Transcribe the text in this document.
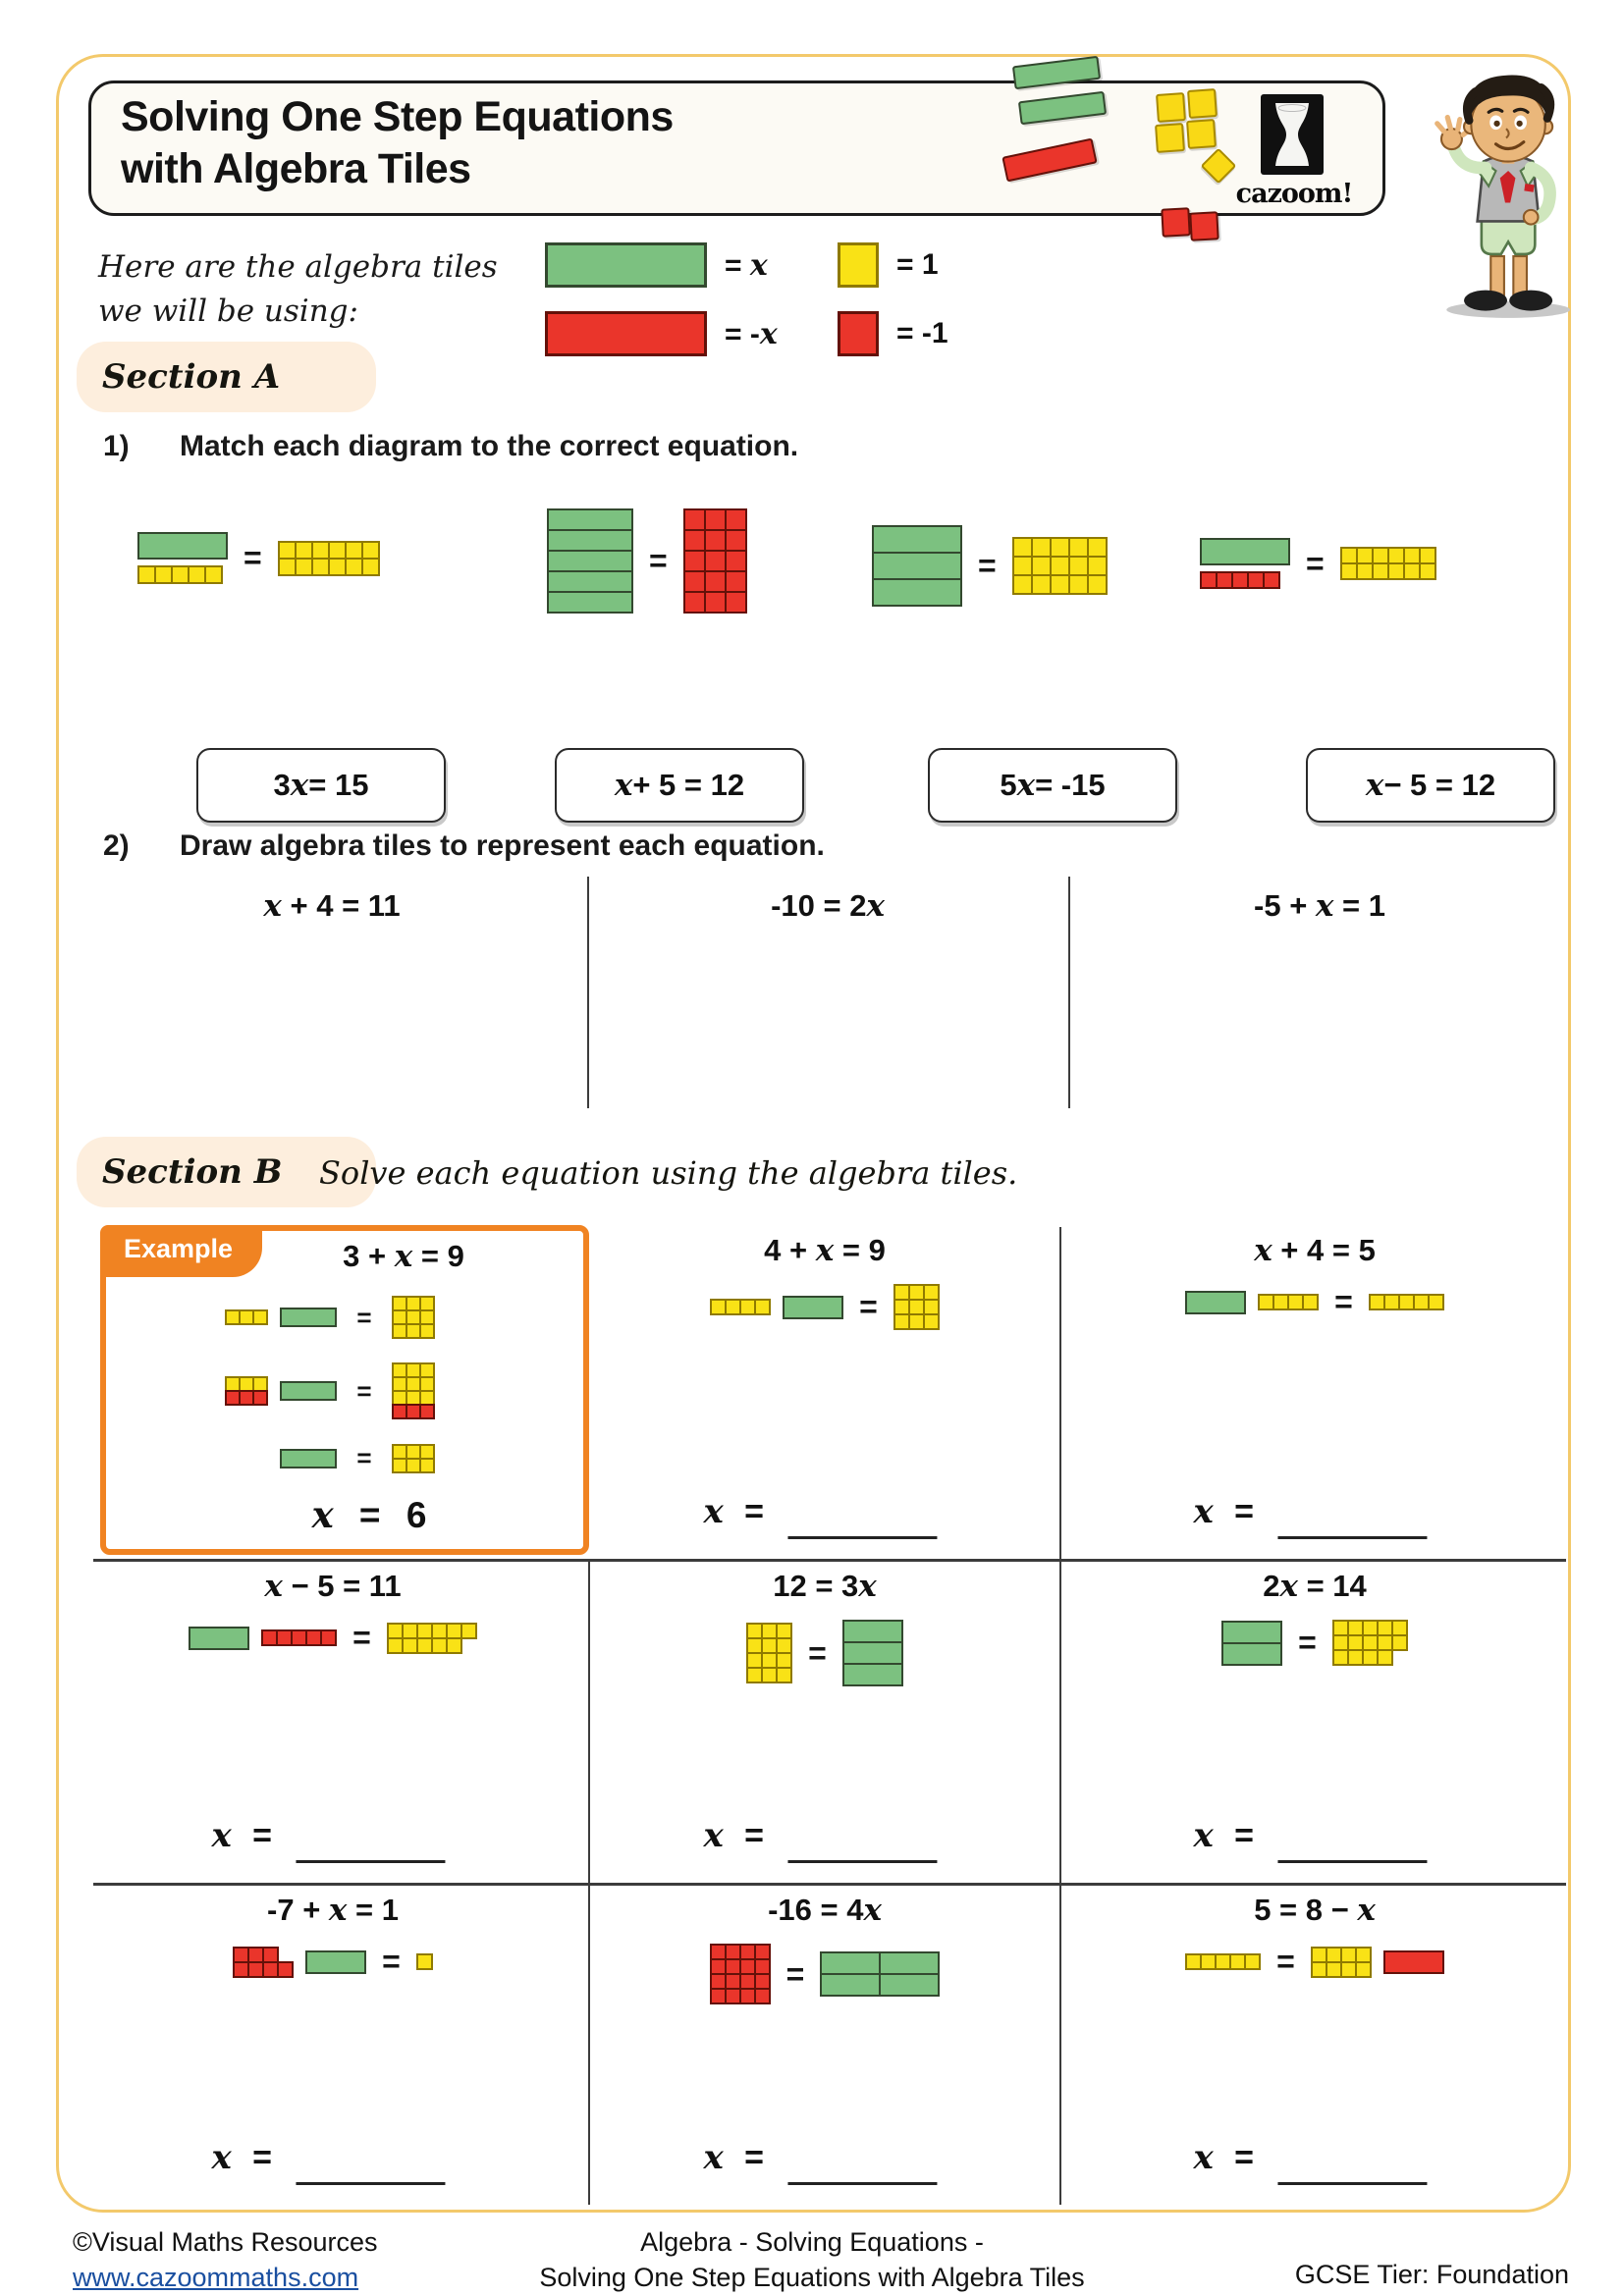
Solving One Step Equations
with Algebra Tiles
cazoom!
Here are the algebra tiles
we will be using:
= x	= 1
= -x	= -1
Section A
1) Match each diagram to the correct equation.
=	=	=	=
3 x = 15	x + 5 = 12	5 x = -15	x − 5 = 12
2) Draw algebra tiles to represent each equation.
x + 4 = 11	-10 = 2x	-5 + x = 1
Section B Solve each equation using the algebra tiles.
Example	3 + x = 9
=
=
=
x = 6
4 + x = 9
=
x =
x + 4 = 5
=
x =
x − 5 = 11
=
x =
12 = 3x
=
x =
2x = 14
=
x =
-7 + x = 1
=
x =
-16 = 4x
=
x =
5 = 8 − x
=
x =
©Visual Maths Resources
www.cazoommaths.com
Algebra - Solving Equations -
Solving One Step Equations with Algebra Tiles	GCSE Tier: Foundation
